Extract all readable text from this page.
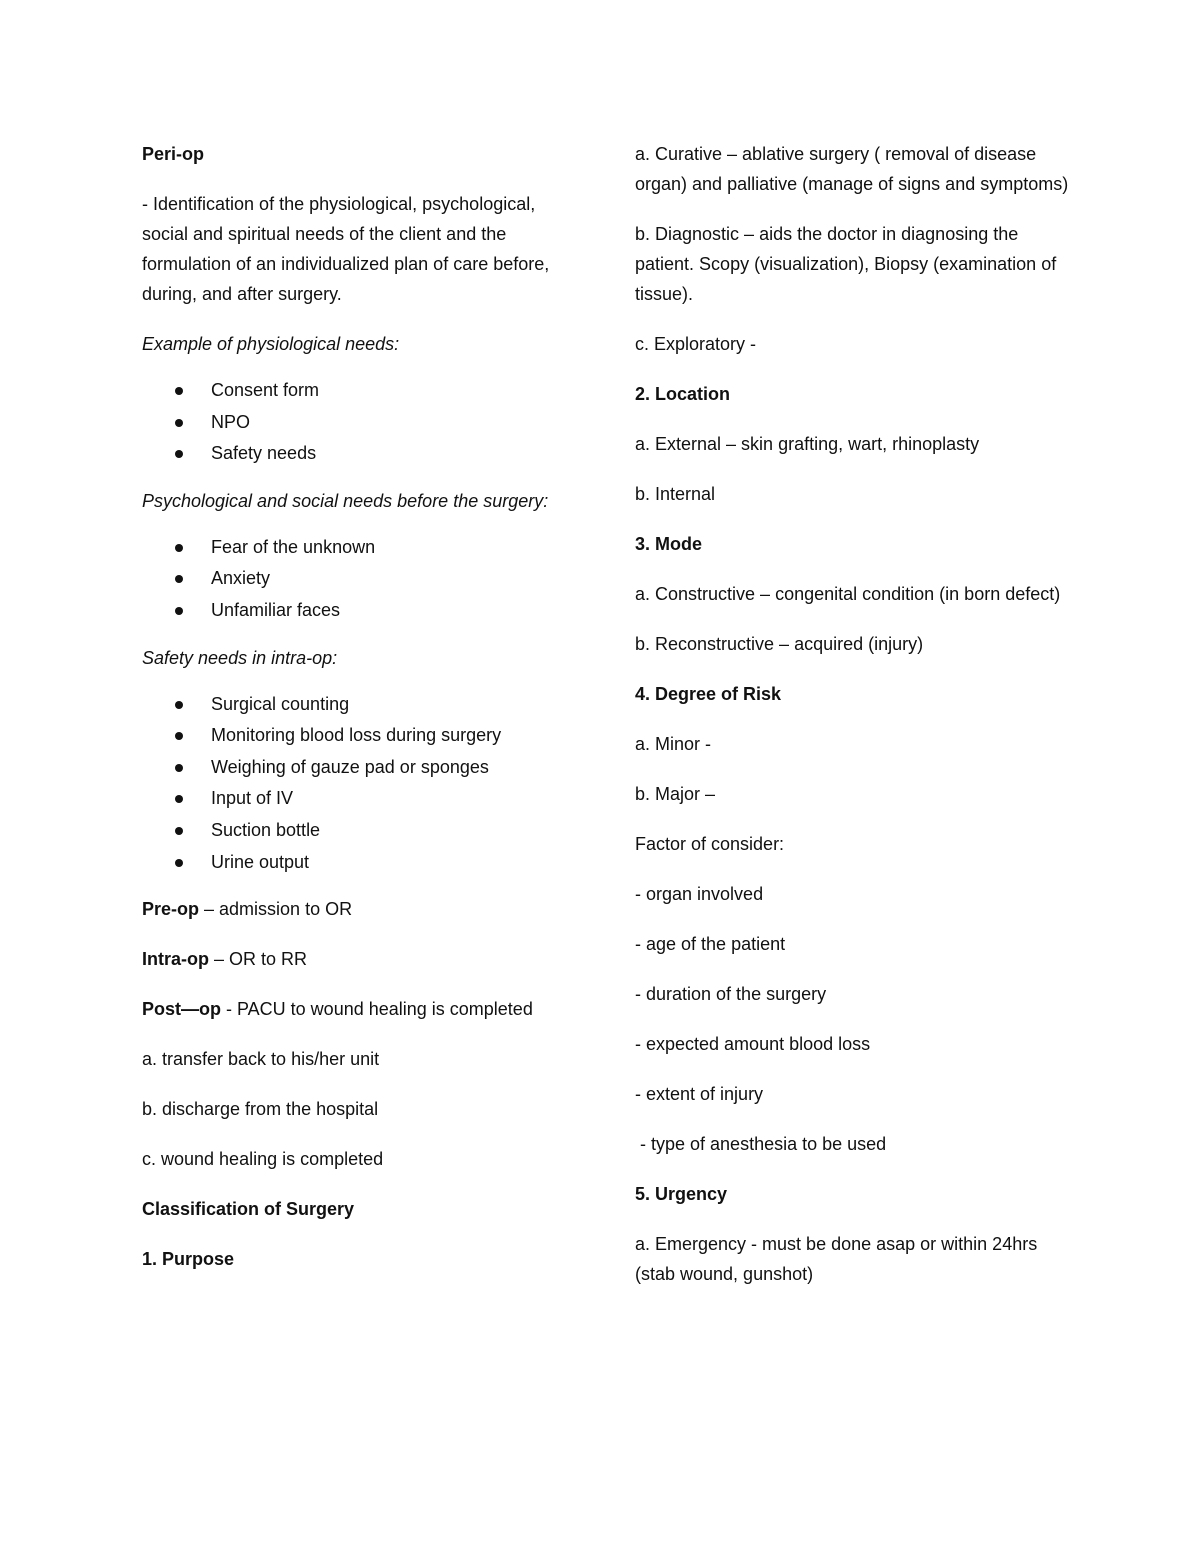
Peri-op

- Identification of the physiological, psychological, social and spiritual needs of the client and the formulation of an individualized plan of care before, during, and after surgery.

Example of physiological needs:

Consent form
NPO
Safety needs

Psychological and social needs before the surgery:

Fear of the unknown
Anxiety
Unfamiliar faces

Safety needs in intra-op:

Surgical counting
Monitoring blood loss during surgery
Weighing of gauze pad or sponges
Input of IV
Suction bottle
Urine output

Pre-op – admission to OR

Intra-op – OR to RR

Post—op - PACU to wound healing is completed

a. transfer back to his/her unit

b. discharge from the hospital

c. wound healing is completed

Classification of Surgery

1. Purpose

a. Curative – ablative surgery ( removal of disease organ) and palliative (manage of signs and symptoms)

b. Diagnostic – aids the doctor in diagnosing the patient. Scopy (visualization), Biopsy (examination of tissue).

c. Exploratory -

2. Location

a. External – skin grafting, wart, rhinoplasty

b. Internal

3. Mode

a. Constructive – congenital condition (in born defect)

b. Reconstructive – acquired (injury)

4. Degree of Risk

a. Minor -

b. Major –

Factor of consider:

- organ involved

- age of the patient

- duration of the surgery

- expected amount blood loss

- extent of injury

- type of anesthesia to be used

5. Urgency

a. Emergency - must be done asap or within 24hrs (stab wound, gunshot)
